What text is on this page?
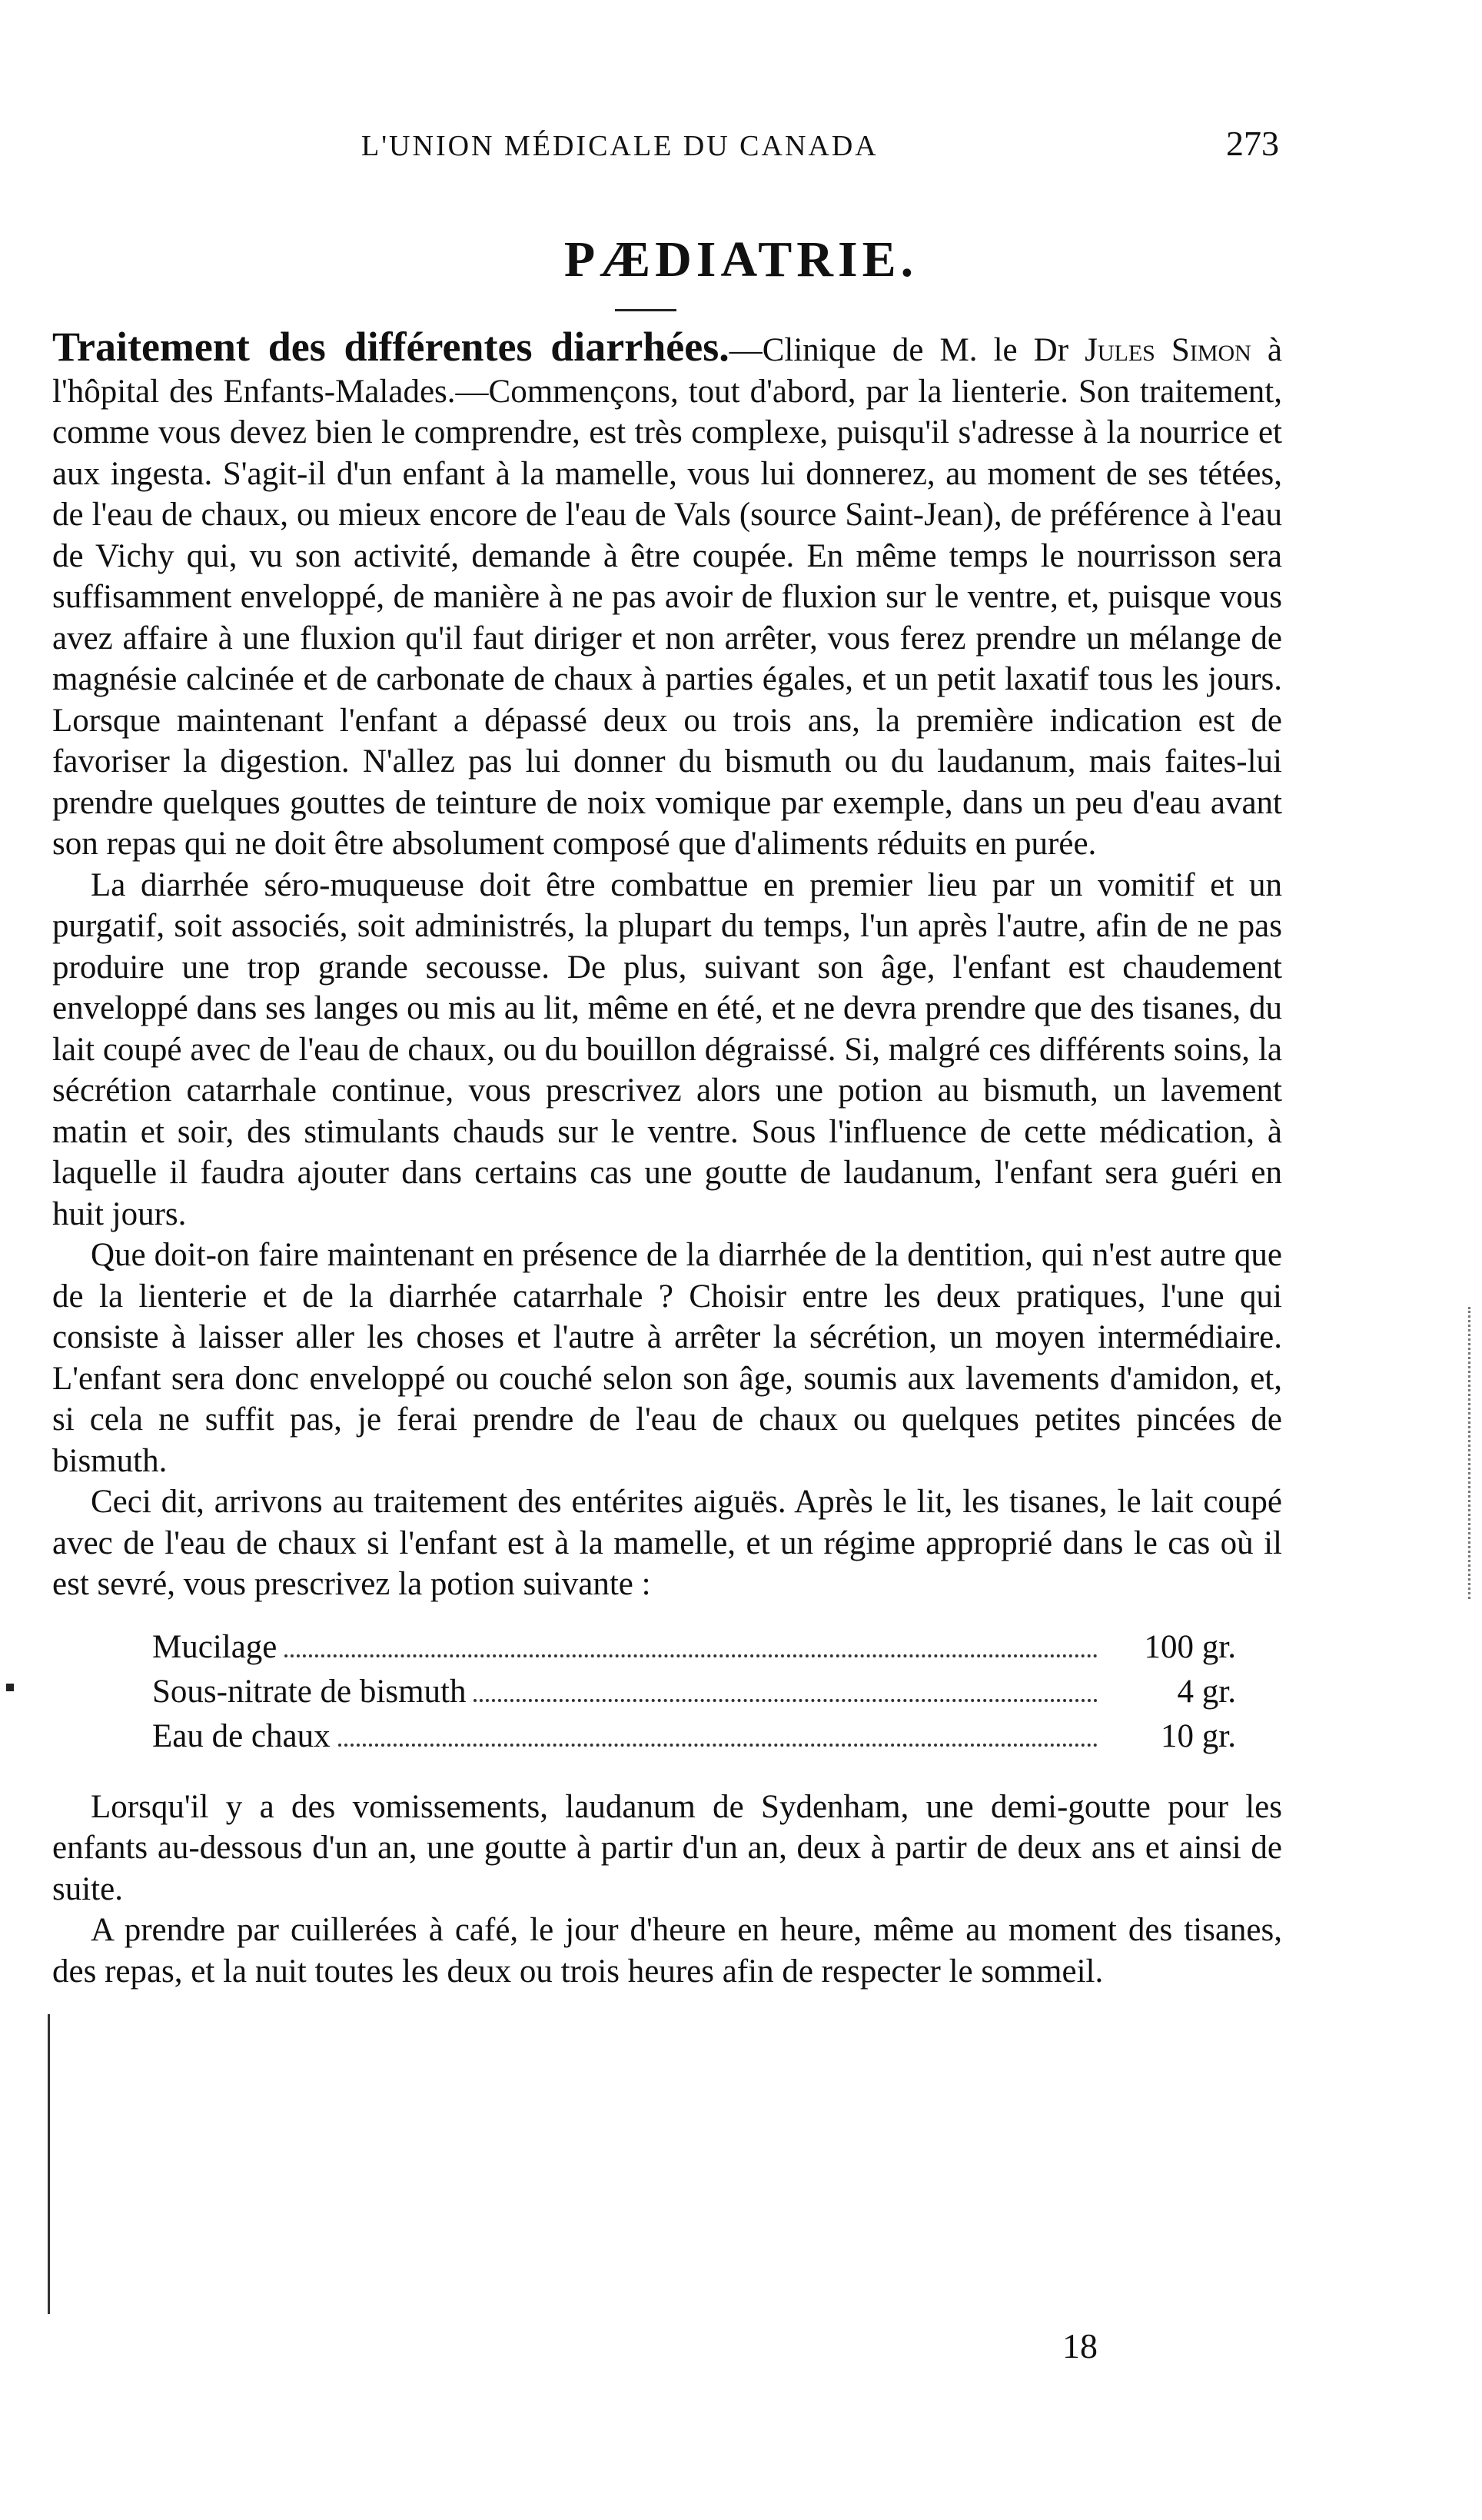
L'UNION MÉDICALE DU CANADA	273
PÆDIATRIE.

Traitement des différentes diarrhées.—Clinique de M. le Dr Jules Simon à l'hôpital des Enfants-Malades.—Commençons, tout d'abord, par la lienterie. Son traitement, comme vous devez bien le comprendre, est très complexe, puisqu'il s'adresse à la nourrice et aux ingesta. S'agit-il d'un enfant à la mamelle, vous lui donnerez, au moment de ses tétées, de l'eau de chaux, ou mieux encore de l'eau de Vals (source Saint-Jean), de préférence à l'eau de Vichy qui, vu son activité, demande à être coupée. En même temps le nourrisson sera suffisamment enveloppé, de manière à ne pas avoir de fluxion sur le ventre, et, puisque vous avez affaire à une fluxion qu'il faut diriger et non arrêter, vous ferez prendre un mélange de magnésie calcinée et de carbonate de chaux à parties égales, et un petit laxatif tous les jours. Lorsque maintenant l'enfant a dépassé deux ou trois ans, la première indication est de favoriser la digestion. N'allez pas lui donner du bismuth ou du laudanum, mais faites-lui prendre quelques gouttes de teinture de noix vomique par exemple, dans un peu d'eau avant son repas qui ne doit être absolument composé que d'aliments réduits en purée.

La diarrhée séro-muqueuse doit être combattue en premier lieu par un vomitif et un purgatif, soit associés, soit administrés, la plupart du temps, l'un après l'autre, afin de ne pas produire une trop grande secousse. De plus, suivant son âge, l'enfant est chaudement enveloppé dans ses langes ou mis au lit, même en été, et ne devra prendre que des tisanes, du lait coupé avec de l'eau de chaux, ou du bouillon dégraissé. Si, malgré ces différents soins, la sécrétion catarrhale continue, vous prescrivez alors une potion au bismuth, un lavement matin et soir, des stimulants chauds sur le ventre. Sous l'influence de cette médication, à laquelle il faudra ajouter dans certains cas une goutte de laudanum, l'enfant sera guéri en huit jours.

Que doit-on faire maintenant en présence de la diarrhée de la dentition, qui n'est autre que de la lienterie et de la diarrhée catarrhale ? Choisir entre les deux pratiques, l'une qui consiste à laisser aller les choses et l'autre à arrêter la sécrétion, un moyen intermédiaire. L'enfant sera donc enveloppé ou couché selon son âge, soumis aux lavements d'amidon, et, si cela ne suffit pas, je ferai prendre de l'eau de chaux ou quelques petites pincées de bismuth.

Ceci dit, arrivons au traitement des entérites aiguës. Après le lit, les tisanes, le lait coupé avec de l'eau de chaux si l'enfant est à la mamelle, et un régime approprié dans le cas où il est sevré, vous prescrivez la potion suivante :

Mucilage	100 gr.
Sous-nitrate de bismuth	4 gr.
Eau de chaux	10 gr.

Lorsqu'il y a des vomissements, laudanum de Sydenham, une demi-goutte pour les enfants au-dessous d'un an, une goutte à partir d'un an, deux à partir de deux ans et ainsi de suite.

A prendre par cuillerées à café, le jour d'heure en heure, même au moment des tisanes, des repas, et la nuit toutes les deux ou trois heures afin de respecter le sommeil.

18
